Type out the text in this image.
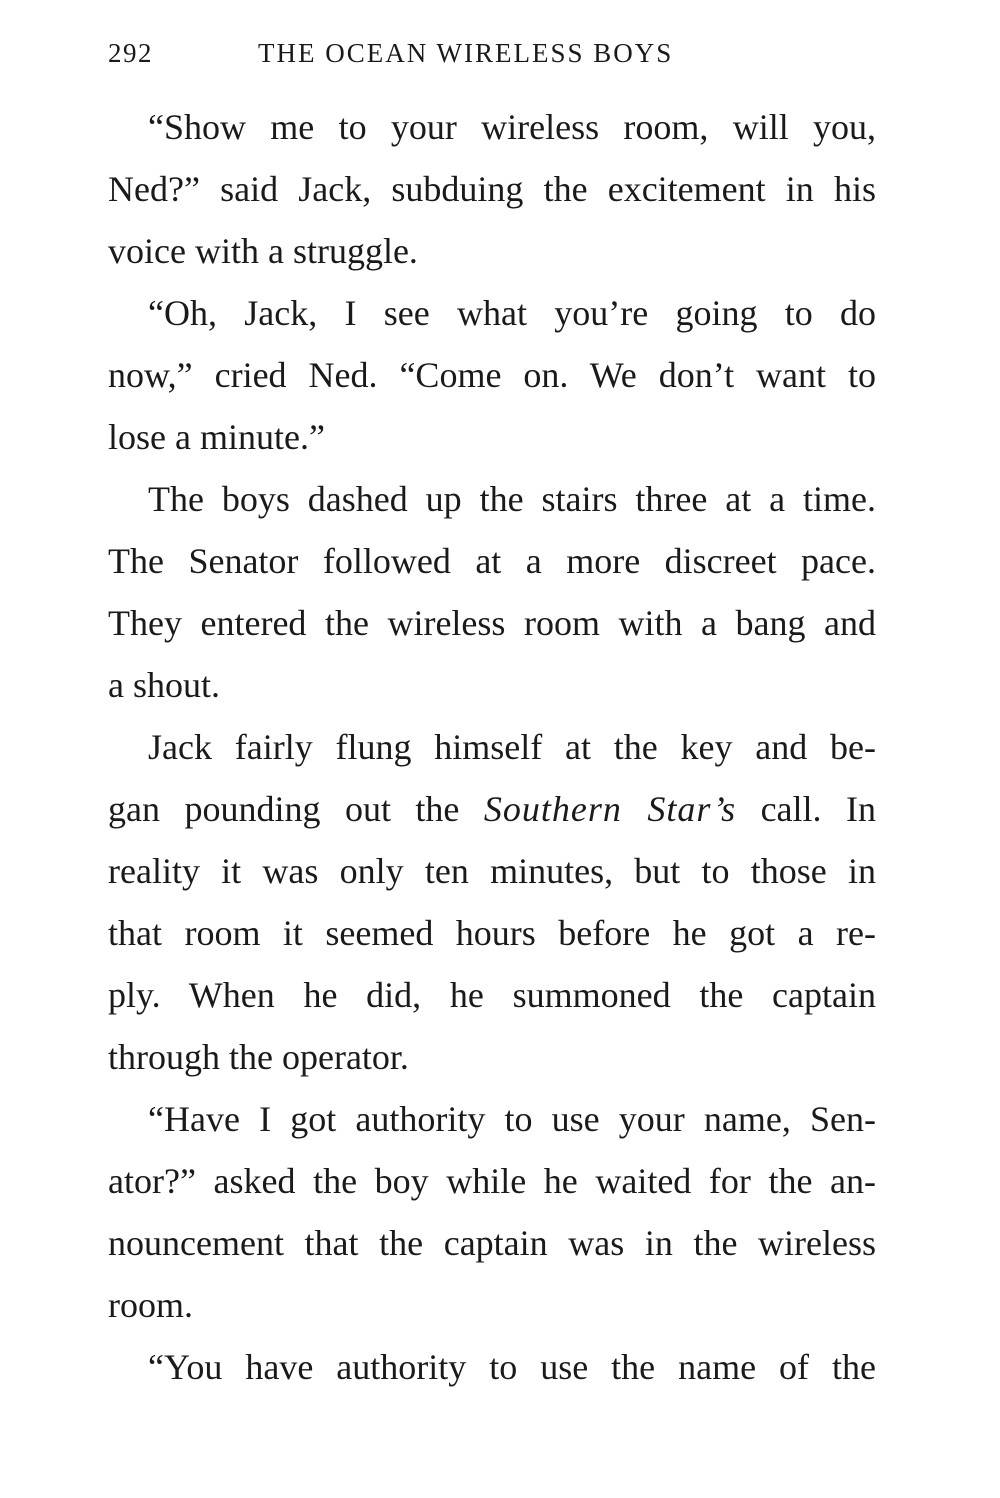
292	THE OCEAN WIRELESS BOYS
“Show me to your wireless room, will you,
Ned?” said Jack, subduing the excitement in his
voice with a struggle.
“Oh, Jack, I see what you’re going to do
now,” cried Ned. “Come on. We don’t want to
lose a minute.”
The boys dashed up the stairs three at a time.
The Senator followed at a more discreet pace.
They entered the wireless room with a bang and
a shout.
Jack fairly flung himself at the key and be-
gan pounding out the Southern Star’s call. In
reality it was only ten minutes, but to those in
that room it seemed hours before he got a re-
ply. When he did, he summoned the captain
through the operator.
“Have I got authority to use your name, Sen-
ator?” asked the boy while he waited for the an-
nouncement that the captain was in the wireless
room.
“You have authority to use the name of the
